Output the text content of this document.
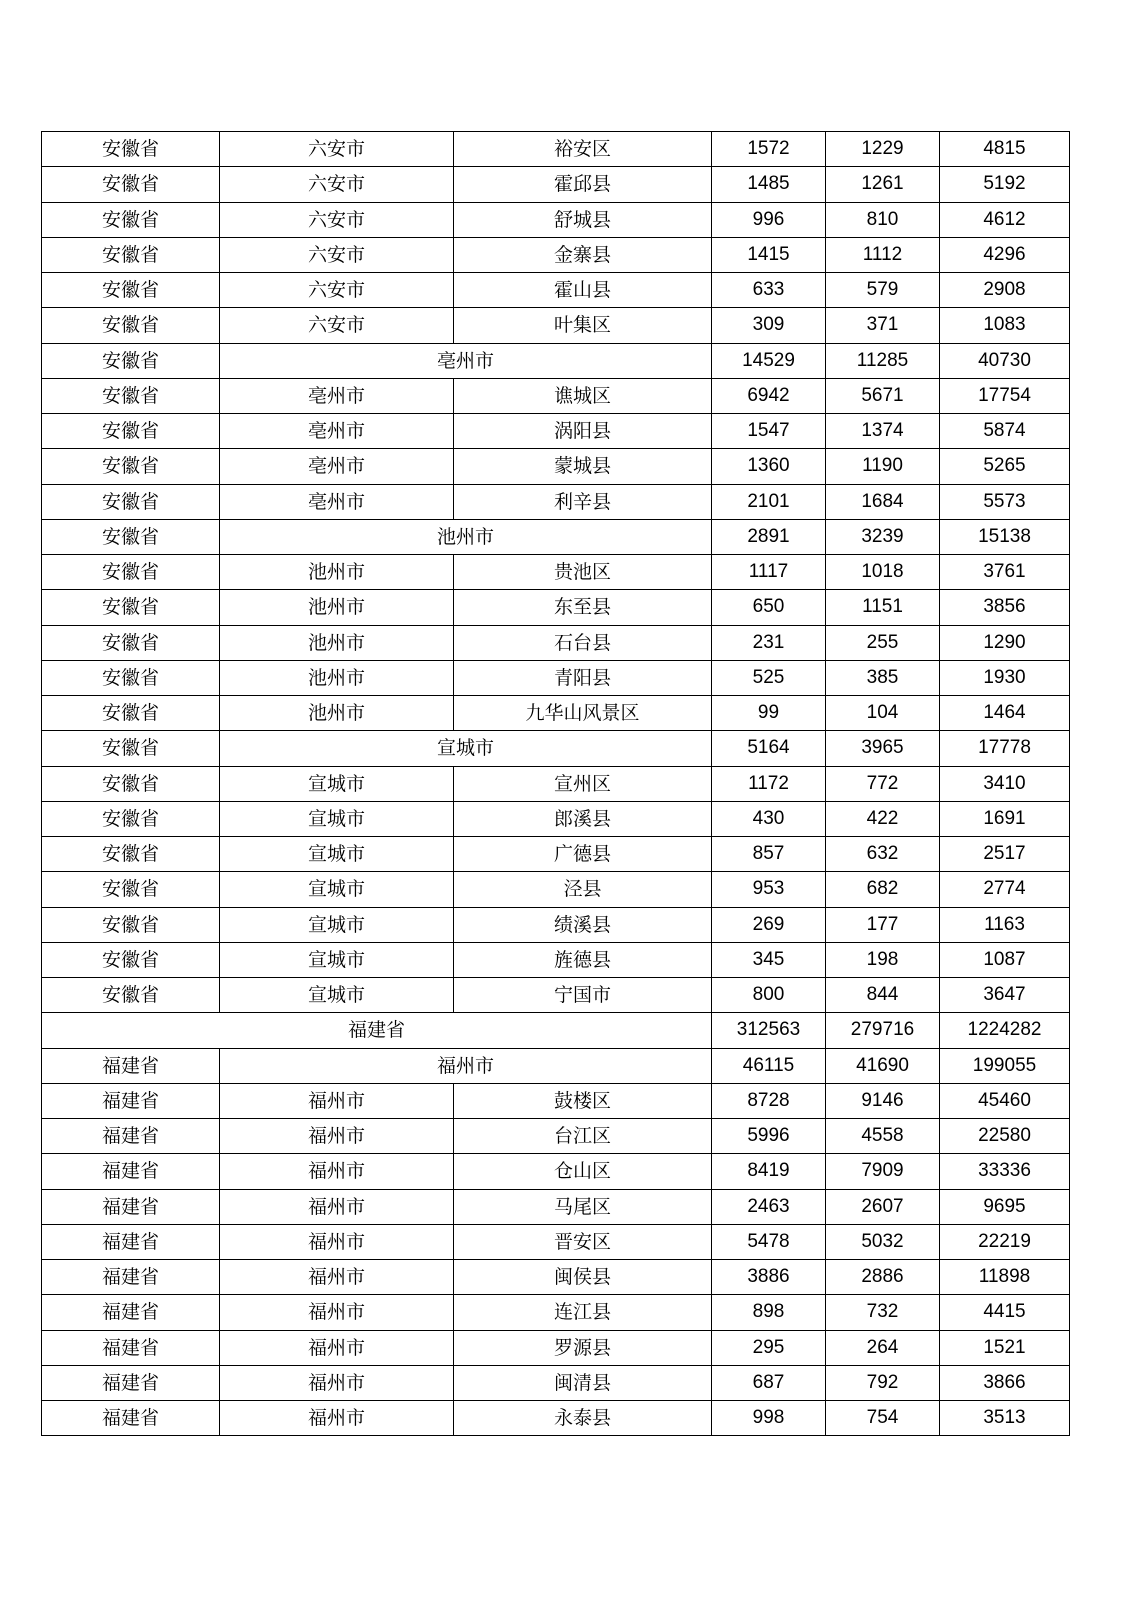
安徽省	六安市	裕安区	1572	1229	4815
安徽省	六安市	霍邱县	1485	1261	5192
安徽省	六安市	舒城县	996	810	4612
安徽省	六安市	金寨县	1415	1112	4296
安徽省	六安市	霍山县	633	579	2908
安徽省	六安市	叶集区	309	371	1083
安徽省	亳州市		14529	11285	40730
安徽省	亳州市	谯城区	6942	5671	17754
安徽省	亳州市	涡阳县	1547	1374	5874
安徽省	亳州市	蒙城县	1360	1190	5265
安徽省	亳州市	利辛县	2101	1684	5573
安徽省	池州市		2891	3239	15138
安徽省	池州市	贵池区	1117	1018	3761
安徽省	池州市	东至县	650	1151	3856
安徽省	池州市	石台县	231	255	1290
安徽省	池州市	青阳县	525	385	1930
安徽省	池州市	九华山风景区	99	104	1464
安徽省	宣城市		5164	3965	17778
安徽省	宣城市	宣州区	1172	772	3410
安徽省	宣城市	郎溪县	430	422	1691
安徽省	宣城市	广德县	857	632	2517
安徽省	宣城市	泾县	953	682	2774
安徽省	宣城市	绩溪县	269	177	1163
安徽省	宣城市	旌德县	345	198	1087
安徽省	宣城市	宁国市	800	844	3647
福建省			312563	279716	1224282
福建省	福州市		46115	41690	199055
福建省	福州市	鼓楼区	8728	9146	45460
福建省	福州市	台江区	5996	4558	22580
福建省	福州市	仓山区	8419	7909	33336
福建省	福州市	马尾区	2463	2607	9695
福建省	福州市	晋安区	5478	5032	22219
福建省	福州市	闽侯县	3886	2886	11898
福建省	福州市	连江县	898	732	4415
福建省	福州市	罗源县	295	264	1521
福建省	福州市	闽清县	687	792	3866
福建省	福州市	永泰县	998	754	3513
